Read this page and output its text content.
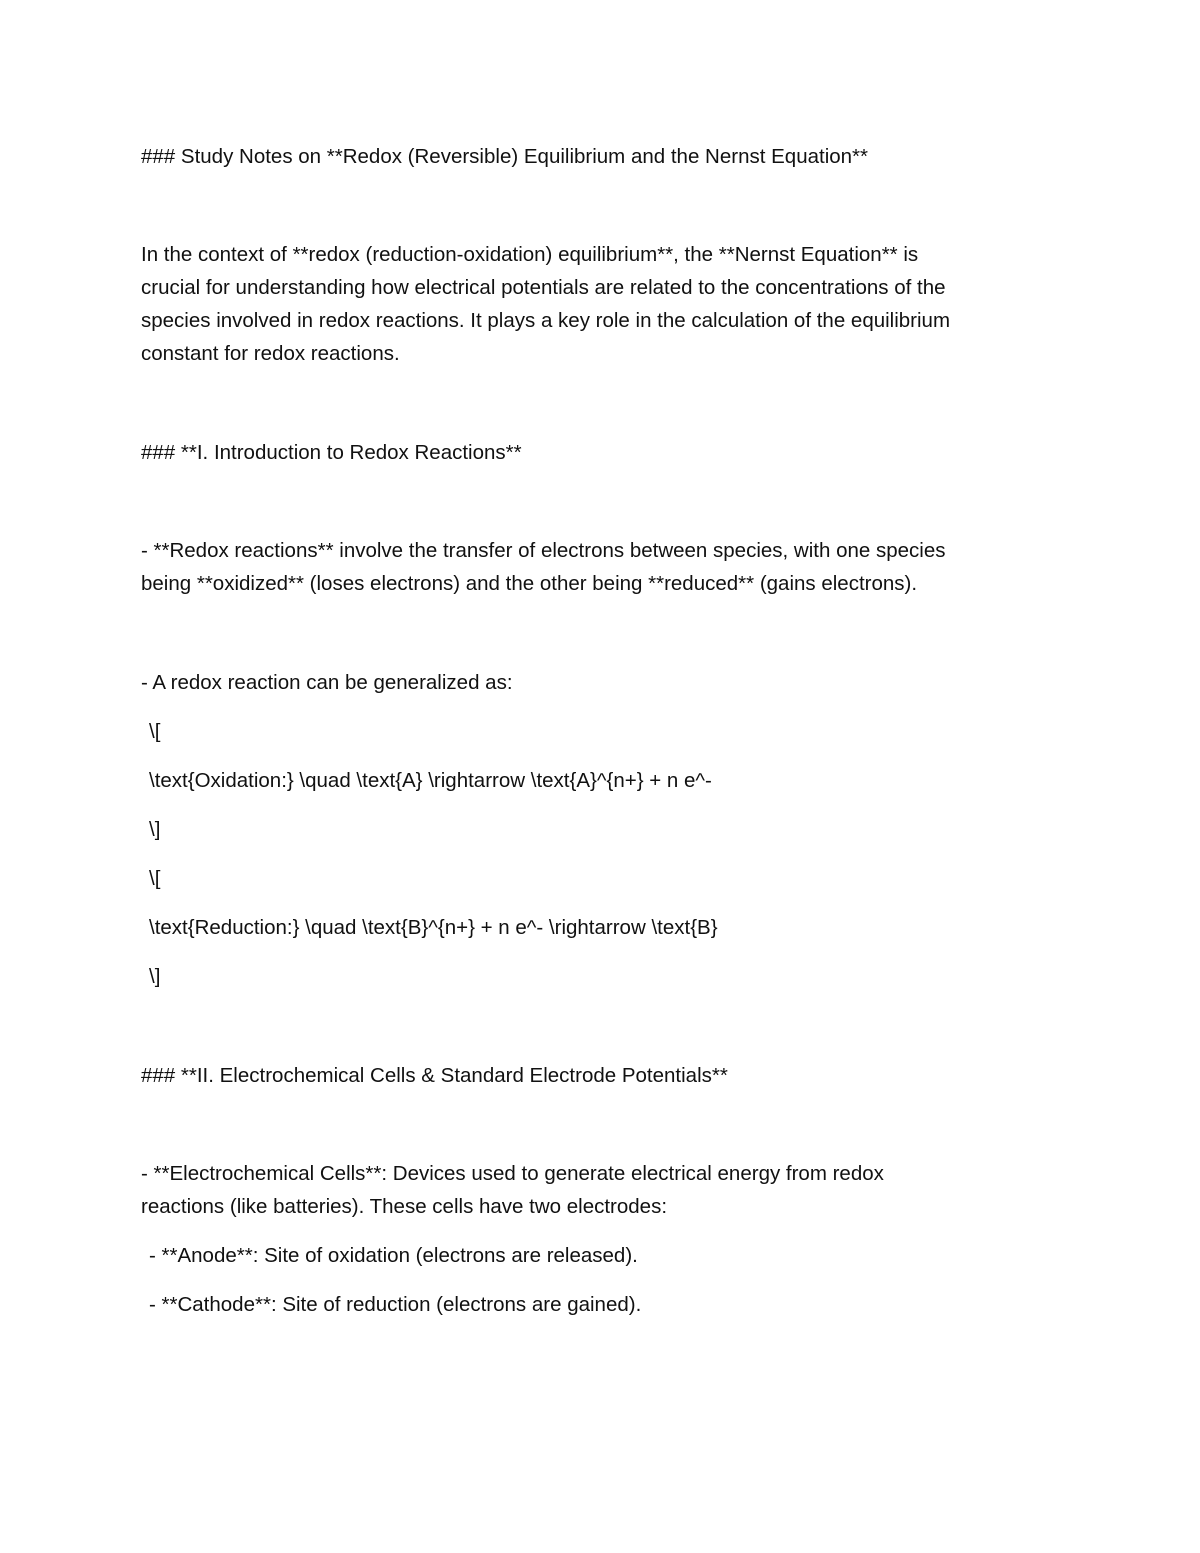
### Study Notes on **Redox (Reversible) Equilibrium and the Nernst Equation**
In the context of **redox (reduction-oxidation) equilibrium**, the **Nernst Equation** is
crucial for understanding how electrical potentials are related to the concentrations of the
species involved in redox reactions. It plays a key role in the calculation of the equilibrium
constant for redox reactions.
### **I. Introduction to Redox Reactions**
- **Redox reactions** involve the transfer of electrons between species, with one species
being **oxidized** (loses electrons) and the other being **reduced** (gains electrons).
- A redox reaction can be generalized as:
\[
\text{Oxidation:} \quad \text{A} \rightarrow \text{A}^{n+} + n e^-
\]
\[
\text{Reduction:} \quad \text{B}^{n+} + n e^- \rightarrow \text{B}
\]
### **II. Electrochemical Cells & Standard Electrode Potentials**
- **Electrochemical Cells**: Devices used to generate electrical energy from redox
reactions (like batteries). These cells have two electrodes:
- **Anode**: Site of oxidation (electrons are released).
- **Cathode**: Site of reduction (electrons are gained).
